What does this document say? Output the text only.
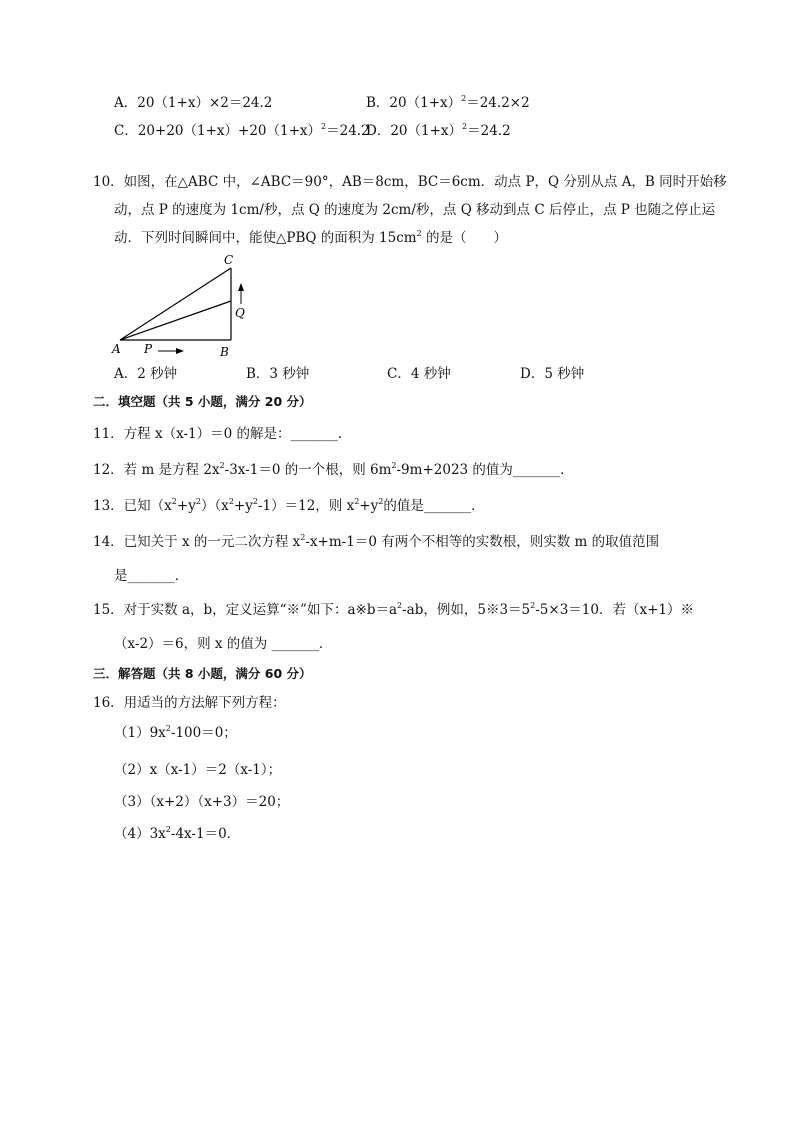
A．20（1+x）×2＝24.2	B．$20(1+x)^2=24.2\times 2$
C．$20+20(1+x)+20(1+x)^2=24.2$
D．$20(1+x)^2=24.2$
10．如图，在△ABC 中，∠ABC＝90°，AB＝8cm，BC＝6cm．动点 P，Q 分别从点 A，B 同时开始移
动，点 P 的速度为 1cm/秒，点 Q 的速度为 2cm/秒，点 Q 移动到点 C 后停止，点 P 也随之停止运
动．下列时间瞬间中，能使△PBQ 的面积为 $15cm^2$ 的是（　　）
C
Q
A P	B
A．2 秒钟	B．3 秒钟	C．4 秒钟	D．5 秒钟
二．填空题（共 5 小题，满分 20 分）
11．方程 x（x-1）＝0 的解是：_______．
12．若 m 是方程 $2x^2-3x-1=0$ 的一个根，则 $6m^2-9m+2023$ 的值为_______．
13．已知$(x^2+y^2)(x^2+y^2-1)=12$，则 $x^2+y^2$的值是_______．
14．已知关于 x 的一元二次方程 $x^2-x+m-1=0$ 有两个不相等的实数根，则实数 m 的取值范围
是_______．
15．对于实数 a，b，定义运算“※”如下：$a※b=a^2-ab$，例如，$5※3=5^2-5\times 3=10$．若（x+1）※
（x-2）＝6，则 x 的值为 _______．
三．解答题（共 8 小题，满分 60 分）
16．用适当的方法解下列方程：
$(1)9x^2-100=0$；
（2）x（x-1）＝2（x-1）；
（3）（x+2）（x+3）＝20；
$(4)3x^2-4x-1=0$．
